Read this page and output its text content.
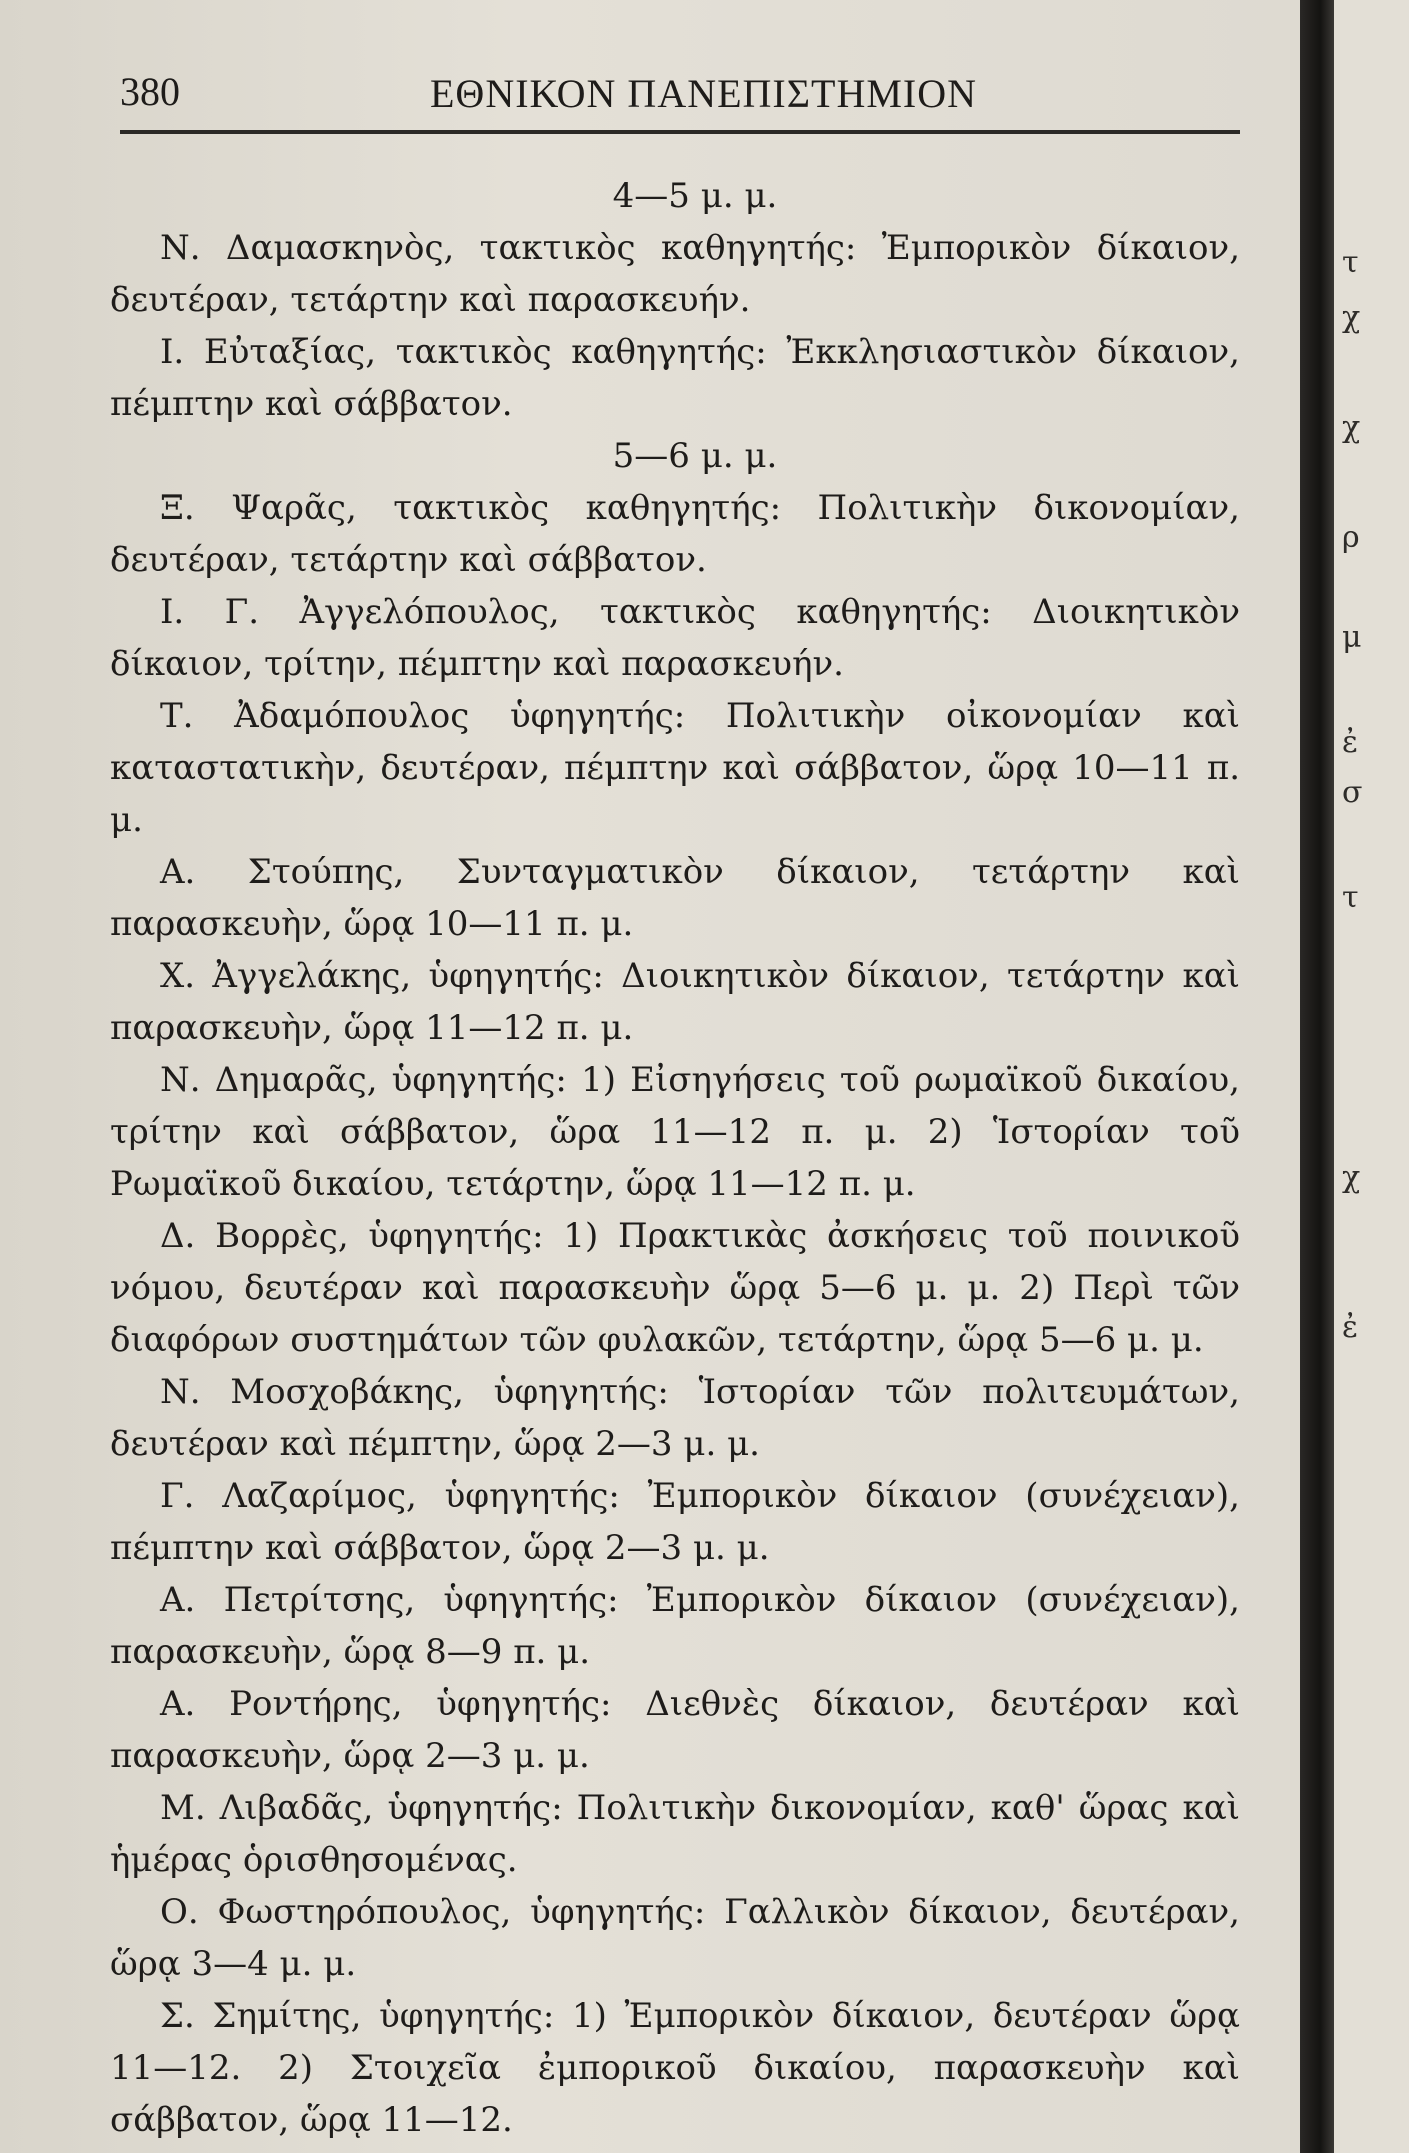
380	ΕΘΝΙΚΟΝ ΠΑΝΕΠΙΣΤΗΜΙΟΝ

4—5 μ. μ.

Ν. Δαμασκηνὸς, τακτικὸς καθηγητής: Ἐμπορικὸν δίκαιον, δευτέραν, τετάρτην καὶ παρασκευήν.

Ι. Εὐταξίας, τακτικὸς καθηγητής: Ἐκκλησιαστικὸν δίκαιον, πέμπτην καὶ σάββατον.

5—6 μ. μ.

Ξ. Ψαρᾶς, τακτικὸς καθηγητής: Πολιτικὴν δικονομίαν, δευτέραν, τετάρτην καὶ σάββατον.

Ι. Γ. Ἀγγελόπουλος, τακτικὸς καθηγητής: Διοικητικὸν δίκαιον, τρίτην, πέμπτην καὶ παρασκευήν.

Τ. Ἀδαμόπουλος ὑφηγητής: Πολιτικὴν οἰκονομίαν καὶ καταστατικὴν, δευτέραν, πέμπτην καὶ σάββατον, ὥρᾳ 10—11 π. μ.

Α. Στούπης, Συνταγματικὸν δίκαιον, τετάρτην καὶ παρασκευὴν, ὥρᾳ 10—11 π. μ.

Χ. Ἀγγελάκης, ὑφηγητής: Διοικητικὸν δίκαιον, τετάρτην καὶ παρασκευὴν, ὥρᾳ 11—12 π. μ.

Ν. Δημαρᾶς, ὑφηγητής: 1) Εἰσηγήσεις τοῦ ρωμαϊκοῦ δικαίου, τρίτην καὶ σάββατον, ὥρα 11—12 π. μ. 2) Ἱστορίαν τοῦ Ρωμαϊκοῦ δικαίου, τετάρτην, ὥρᾳ 11—12 π. μ.

Δ. Βορρὲς, ὑφηγητής: 1) Πρακτικὰς ἀσκήσεις τοῦ ποινικοῦ νόμου, δευτέραν καὶ παρασκευὴν ὥρᾳ 5—6 μ. μ. 2) Περὶ τῶν διαφόρων συστημάτων τῶν φυλακῶν, τετάρτην, ὥρᾳ 5—6 μ. μ.

Ν. Μοσχοβάκης, ὑφηγητής: Ἱστορίαν τῶν πολιτευμάτων, δευτέραν καὶ πέμπτην, ὥρᾳ 2—3 μ. μ.

Γ. Λαζαρίμος, ὑφηγητής: Ἐμπορικὸν δίκαιον (συνέχειαν), πέμπτην καὶ σάββατον, ὥρᾳ 2—3 μ. μ.

Α. Πετρίτσης, ὑφηγητής: Ἐμπορικὸν δίκαιον (συνέχειαν), παρασκευὴν, ὥρᾳ 8—9 π. μ.

Α. Ροντήρης, ὑφηγητής: Διεθνὲς δίκαιον, δευτέραν καὶ παρασκευὴν, ὥρᾳ 2—3 μ. μ.

Μ. Λιβαδᾶς, ὑφηγητής: Πολιτικὴν δικονομίαν, καθ' ὥρας καὶ ἡμέρας ὁρισθησομένας.

Ο. Φωστηρόπουλος, ὑφηγητής: Γαλλικὸν δίκαιον, δευτέραν, ὥρᾳ 3—4 μ. μ.

Σ. Σημίτης, ὑφηγητής: 1) Ἐμπορικὸν δίκαιον, δευτέραν ὥρᾳ 11—12. 2) Στοιχεῖα ἐμπορικοῦ δικαίου, παρασκευὴν καὶ σάββατον, ὥρᾳ 11—12.

τ
χ
χ
ρ
μ
ἐ
σ
τ
χ
ἐ
